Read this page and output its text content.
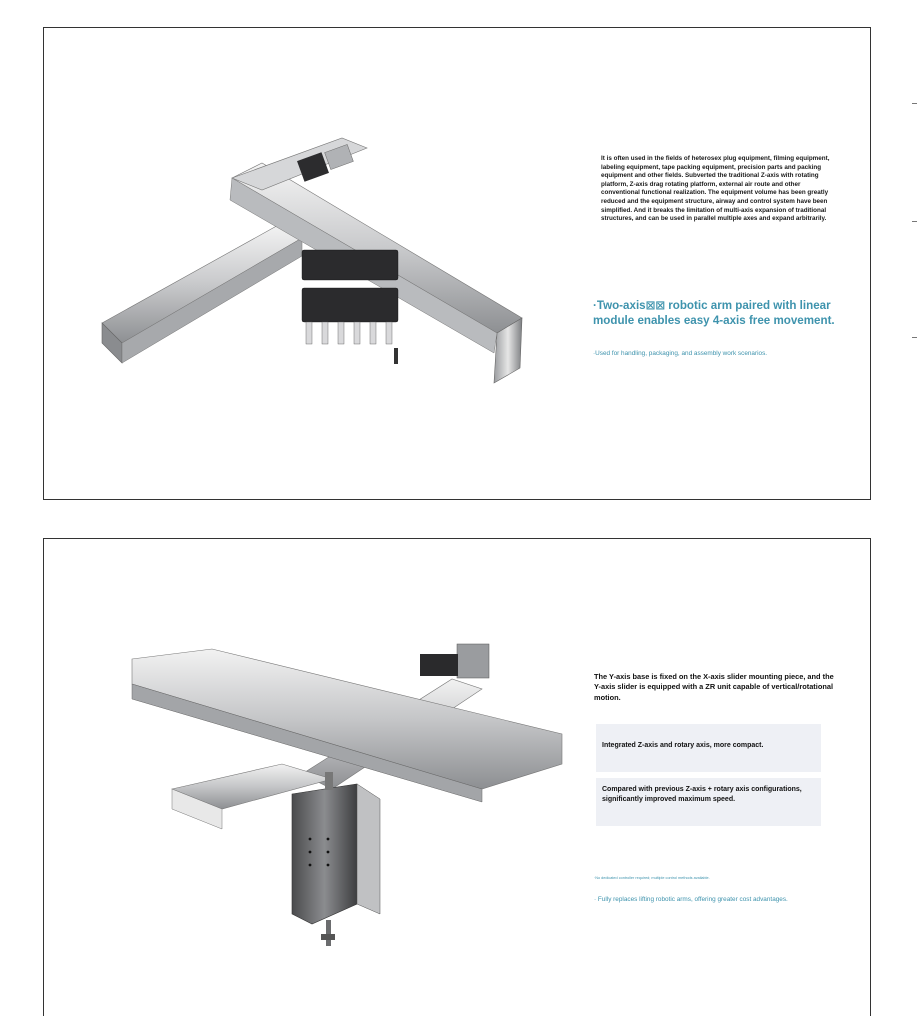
It is often used in the fields of heterosex plug equipment, filming equipment, labeling equipment, tape packing equipment, precision parts and packing equipment and other fields. Subverted the traditional Z-axis with rotating platform, Z-axis drag rotating platform, external air route and other conventional functional realization. The equipment volume has been greatly reduced and the equipment structure, airway and control system have been simplified. And it breaks the limitation of multi-axis expansion of traditional structures, and can be used in parallel multiple axes and expand arbitrarily.

·Two-axis⊠⊠ robotic arm paired with linear module enables easy 4-axis free movement.

·Used for handling, packaging, and assembly work scenarios.

The Y-axis base is fixed on the X-axis slider mounting piece, and the Y-axis slider is equipped with a ZR unit capable of vertical/rotational motion.

Integrated Z-axis and rotary axis, more compact.
Compared with previous Z-axis + rotary axis configurations, significantly improved maximum speed.

·No dedicated controller required; multiple control methods available.

· Fully replaces lifting robotic arms, offering greater cost advantages.
